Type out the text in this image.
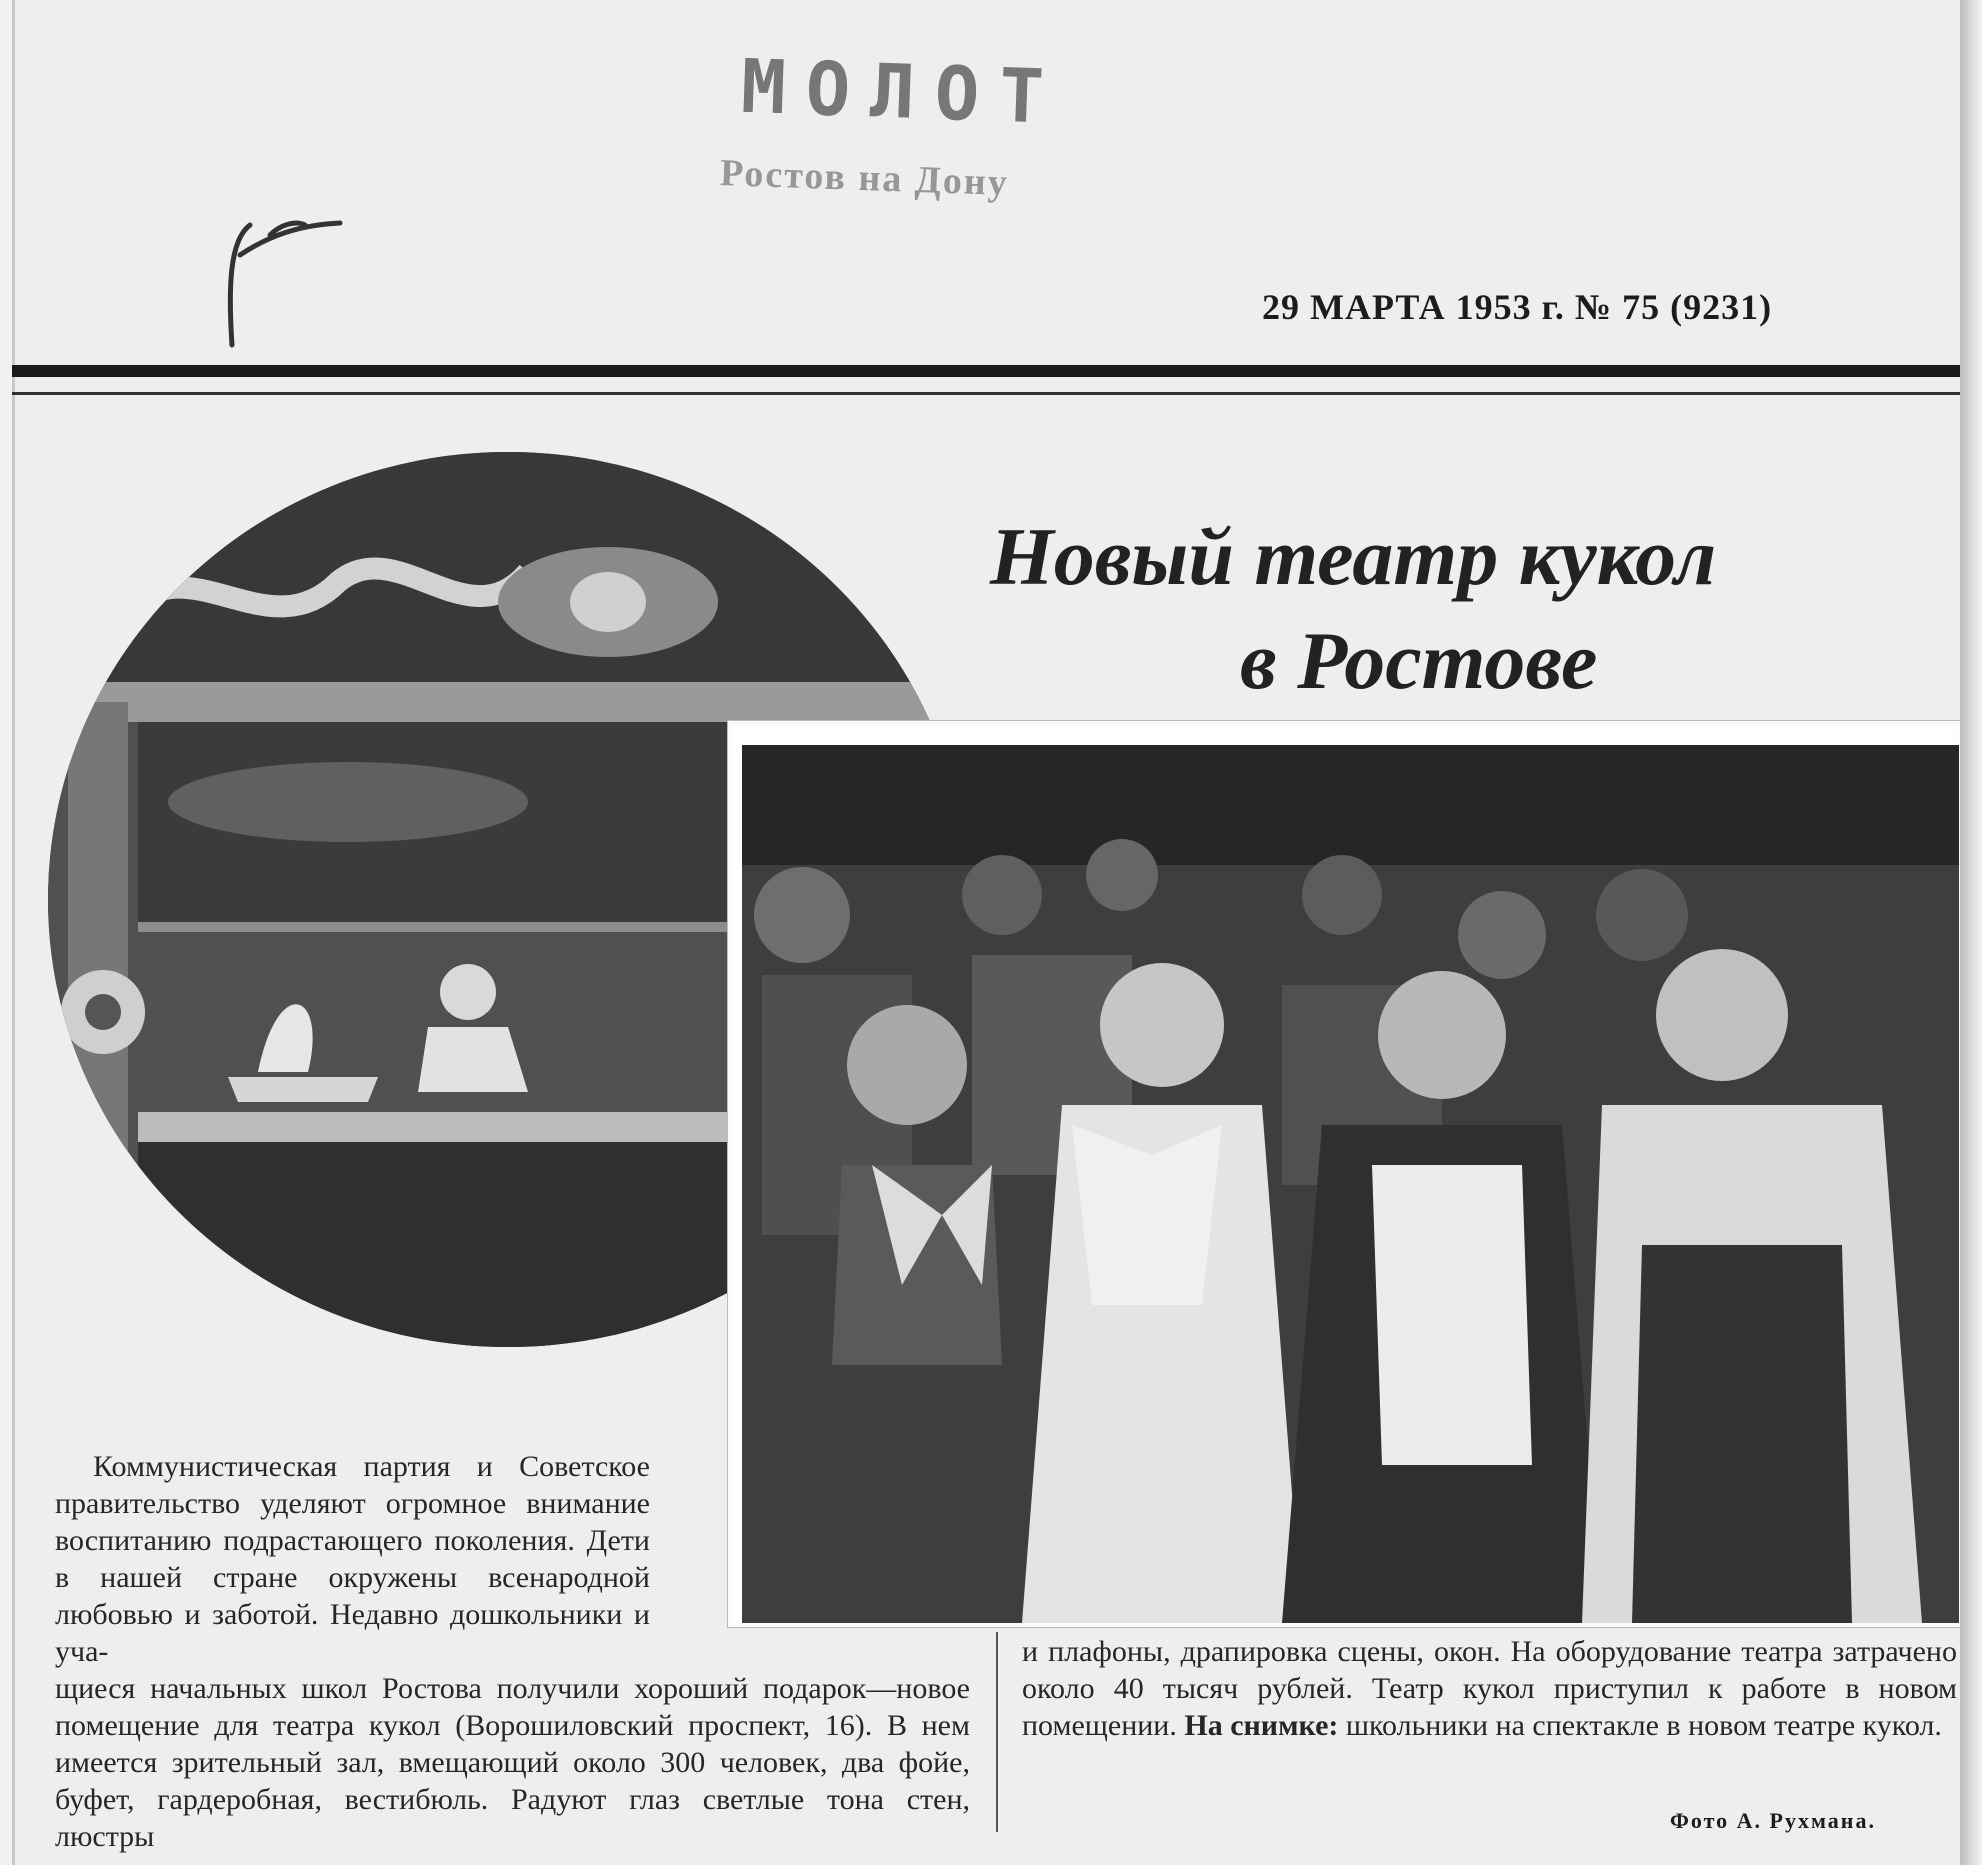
МОЛОТ
Ростов на Дону
29 МАРТА 1953 г. № 75 (9231)
Новый театр кукол
в Ростове
Коммунистическая партия и Советское правительство уделяют огромное внимание воспитанию подрастающего поколения. Дети в нашей стране окружены всенародной любовью и заботой. Недавно дошкольники и уча-
щиеся начальных школ Ростова получили хороший подарок—новое помещение для театра кукол (Ворошиловский проспект, 16). В нем имеется зрительный зал, вмещающий около 300 человек, два фойе, буфет, гардеробная, вестибюль. Радуют глаз светлые тона стен, люстры
и плафоны, драпировка сцены, окон. На оборудование театра затрачено около 40 тысяч рублей. Театр кукол приступил к работе в новом помещении. На снимке: школьники на спектакле в новом театре кукол.
Фото А. Рухмана.
